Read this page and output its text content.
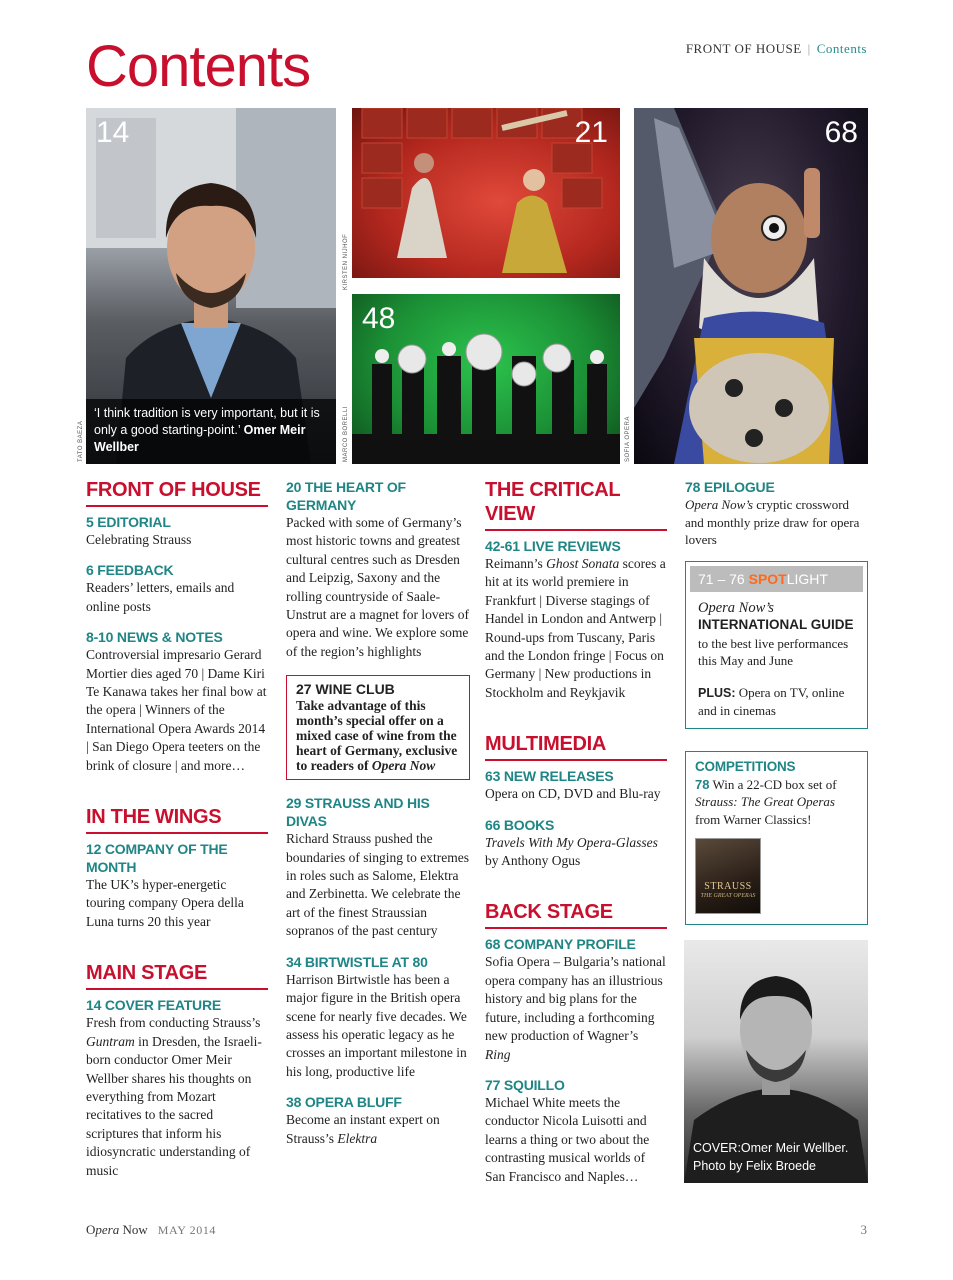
Contents	FRONT OF HOUSE | Contents
14
‘I think tradition is very important, but it is only a good starting-point.’ Omer Meir Wellber
TATO BAEZA
21
KIRSTEN NIJHOF
48
MARCO BORELLI
68
SOFIA OPERA
FRONT OF HOUSE
5 EDITORIAL
Celebrating Strauss
6 FEEDBACK
Readers’ letters, emails and online posts
8-10 NEWS & NOTES
Controversial impresario Gerard Mortier dies aged 70 | Dame Kiri Te Kanawa takes her final bow at the opera | Winners of the International Opera Awards 2014 | San Diego Opera teeters on the brink of closure | and more…
IN THE WINGS
12 COMPANY OF THE MONTH
The UK’s hyper-energetic touring company Opera della Luna turns 20 this year
MAIN STAGE
14 COVER FEATURE
Fresh from conducting Strauss’s Guntram in Dresden, the Israeli-born conductor Omer Meir Wellber shares his thoughts on everything from Mozart recitatives to the sacred scriptures that inform his idiosyncratic understanding of music
20 THE HEART OF GERMANY
Packed with some of Germany’s most historic towns and greatest cultural centres such as Dresden and Leipzig, Saxony and the rolling countryside of Saale-Unstrut are a magnet for lovers of opera and wine. We explore some of the region’s highlights
27 WINE CLUB
Take advantage of this month’s special offer on a mixed case of wine from the heart of Germany, exclusive to readers of Opera Now
29 STRAUSS AND HIS DIVAS
Richard Strauss pushed the boundaries of singing to extremes in roles such as Salome, Elektra and Zerbinetta. We celebrate the art of the finest Straussian sopranos of the past century
34 BIRTWISTLE AT 80
Harrison Birtwistle has been a major figure in the British opera scene for nearly five decades. We assess his operatic legacy as he crosses an important milestone in his long, productive life
38 OPERA BLUFF
Become an instant expert on Strauss’s Elektra
THE CRITICAL VIEW
42-61 LIVE REVIEWS
Reimann’s Ghost Sonata scores a hit at its world premiere in Frankfurt | Diverse stagings of Handel in London and Antwerp | Round-ups from Tuscany, Paris and the London fringe | Focus on Germany | New productions in Stockholm and Reykjavik
MULTIMEDIA
63 NEW RELEASES
Opera on CD, DVD and Blu-ray
66 BOOKS
Travels With My Opera-Glasses by Anthony Ogus
BACK STAGE
68 COMPANY PROFILE
Sofia Opera – Bulgaria’s national opera company has an illustrious history and big plans for the future, including a forthcoming new production of Wagner’s Ring
77 SQUILLO
Michael White meets the conductor Nicola Luisotti and learns a thing or two about the contrasting musical worlds of San Francisco and Naples…
78 EPILOGUE
Opera Now’s cryptic crossword and monthly prize draw for opera lovers
71 – 76 SPOTLIGHT
Opera Now’s
INTERNATIONAL GUIDE
to the best live performances this May and June
PLUS: Opera on TV, online and in cinemas
COMPETITIONS
78 Win a 22-CD box set of Strauss: The Great Operas from Warner Classics!
STRAUSS
THE GREAT OPERAS
COVER:Omer Meir Wellber.
Photo by Felix Broede
Opera Now MAY 2014	3
